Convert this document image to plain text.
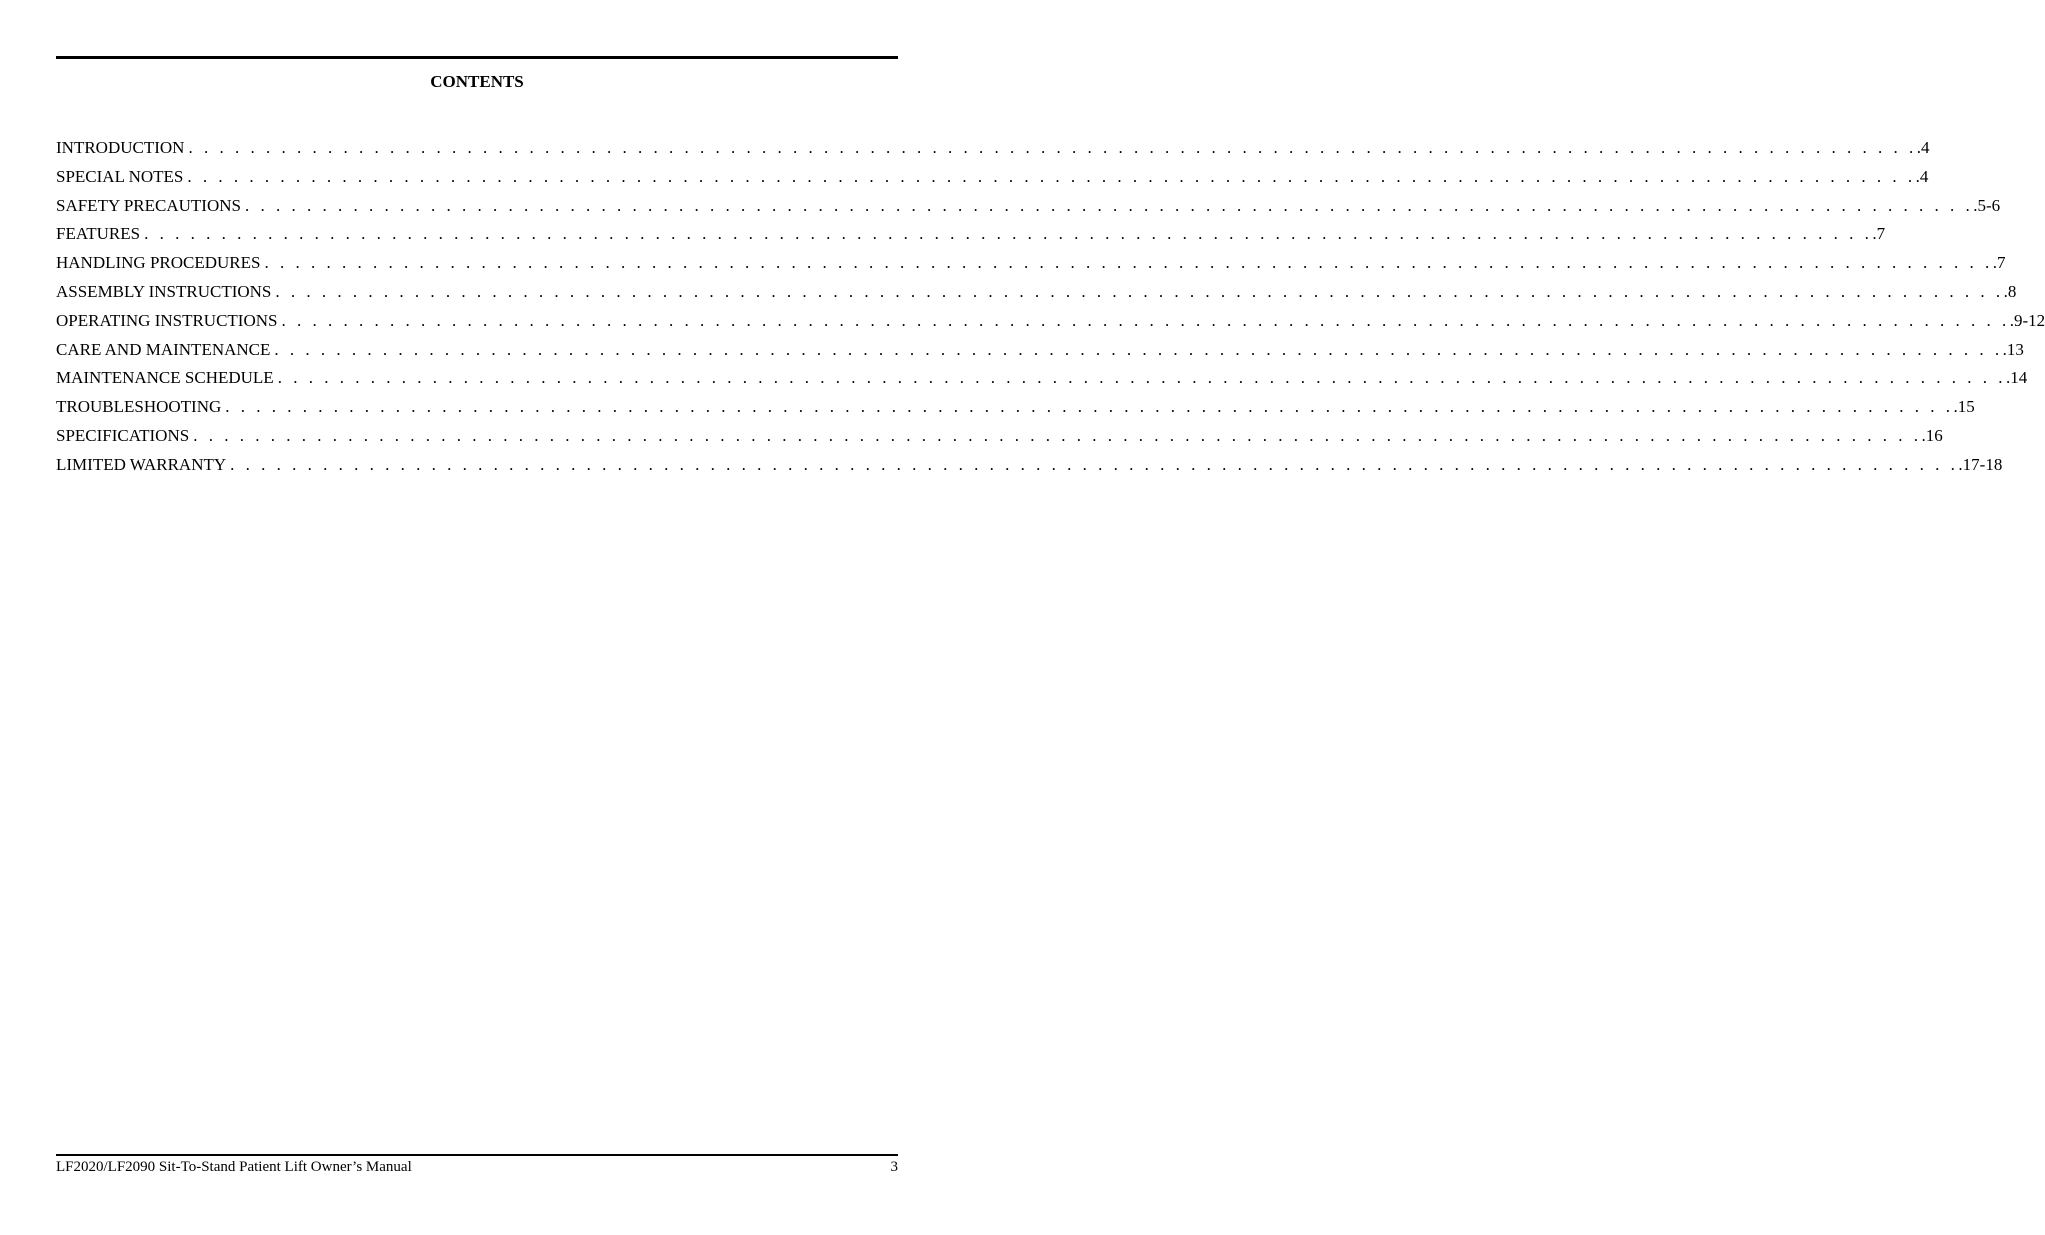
CONTENTS
INTRODUCTION . . . . . . . . . . . . . . . . . . . . . . . . . . . . . . . . . . . . . . . . . . . . . . . . . . . . . . . . . . . . . . . . . . . . . . . . . . . . . . . . . . . . . . . . . . . . . . . . . . . . . . . . . . . . . . . . .4
SPECIAL NOTES . . . . . . . . . . . . . . . . . . . . . . . . . . . . . . . . . . . . . . . . . . . . . . . . . . . . . . . . . . . . . . . . . . . . . . . . . . . . . . . . . . . . . . . . . . . . . . . . . . . . . . . . . . . . . . . . .4
SAFETY PRECAUTIONS . . . . . . . . . . . . . . . . . . . . . . . . . . . . . . . . . . . . . . . . . . . . . . . . . . . . . . . . . . . . . . . . . . . . . . . . . . . . . . . . . . . . . . . . . . . . . . . . . . . . . . . . . . . . . . . . .5-6
FEATURES . . . . . . . . . . . . . . . . . . . . . . . . . . . . . . . . . . . . . . . . . . . . . . . . . . . . . . . . . . . . . . . . . . . . . . . . . . . . . . . . . . . . . . . . . . . . . . . . . . . . . . . . . . . . . . . . .7
HANDLING PROCEDURES . . . . . . . . . . . . . . . . . . . . . . . . . . . . . . . . . . . . . . . . . . . . . . . . . . . . . . . . . . . . . . . . . . . . . . . . . . . . . . . . . . . . . . . . . . . . . . . . . . . . . . . . . . . . . . . . .7
ASSEMBLY INSTRUCTIONS . . . . . . . . . . . . . . . . . . . . . . . . . . . . . . . . . . . . . . . . . . . . . . . . . . . . . . . . . . . . . . . . . . . . . . . . . . . . . . . . . . . . . . . . . . . . . . . . . . . . . . . . . . . . . . . . .8
OPERATING INSTRUCTIONS . . . . . . . . . . . . . . . . . . . . . . . . . . . . . . . . . . . . . . . . . . . . . . . . . . . . . . . . . . . . . . . . . . . . . . . . . . . . . . . . . . . . . . . . . . . . . . . . . . . . . . . . . . . . . . . . .9-12
CARE AND MAINTENANCE . . . . . . . . . . . . . . . . . . . . . . . . . . . . . . . . . . . . . . . . . . . . . . . . . . . . . . . . . . . . . . . . . . . . . . . . . . . . . . . . . . . . . . . . . . . . . . . . . . . . . . . . . . . . . . . . .13
MAINTENANCE SCHEDULE . . . . . . . . . . . . . . . . . . . . . . . . . . . . . . . . . . . . . . . . . . . . . . . . . . . . . . . . . . . . . . . . . . . . . . . . . . . . . . . . . . . . . . . . . . . . . . . . . . . . . . . . . . . . . . . . .14
TROUBLESHOOTING . . . . . . . . . . . . . . . . . . . . . . . . . . . . . . . . . . . . . . . . . . . . . . . . . . . . . . . . . . . . . . . . . . . . . . . . . . . . . . . . . . . . . . . . . . . . . . . . . . . . . . . . . . . . . . . . .15
SPECIFICATIONS . . . . . . . . . . . . . . . . . . . . . . . . . . . . . . . . . . . . . . . . . . . . . . . . . . . . . . . . . . . . . . . . . . . . . . . . . . . . . . . . . . . . . . . . . . . . . . . . . . . . . . . . . . . . . . . . .16
LIMITED WARRANTY . . . . . . . . . . . . . . . . . . . . . . . . . . . . . . . . . . . . . . . . . . . . . . . . . . . . . . . . . . . . . . . . . . . . . . . . . . . . . . . . . . . . . . . . . . . . . . . . . . . . . . . . . . . . . . . . .17-18
LF2020/LF2090 Sit-To-Stand Patient Lift Owner’s Manual	3
